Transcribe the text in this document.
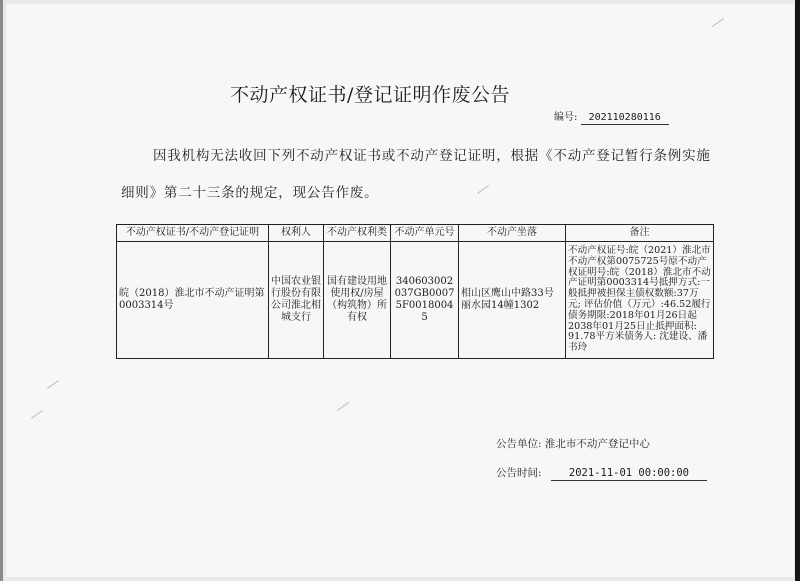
不动产权证书/登记证明作废公告
编号: 202110280116
因我机构无法收回下列不动产权证书或不动产登记证明，根据《不动产登记暂行条例实施细则》第二十三条的规定，现公告作废。
不动产权证书/不动产登记证明	权利人	不动产权利类	不动产单元号	不动产坐落	备注
皖（2018）淮北市不动产证明第0003314号	中国农业银行股份有限公司淮北相城支行	国有建设用地使用权/房屋（构筑物）所有权	340603002037GB00075F00180045	相山区鹰山中路33号丽水园14幢1302	不动产权证号:皖（2021）淮北市不动产权第0075725号原不动产权证明号:皖（2018）淮北市不动产证明第0003314号抵押方式:一般抵押被担保主债权数额:37万元; 评估价值（万元）:46.52履行债务期限:2018年01月26日起2038年01月25日止抵押面积: 91.78平方米债务人: 沈建设、潘书玲
公告单位: 淮北市不动产登记中心
公告时间:	2021-11-01 00:00:00
